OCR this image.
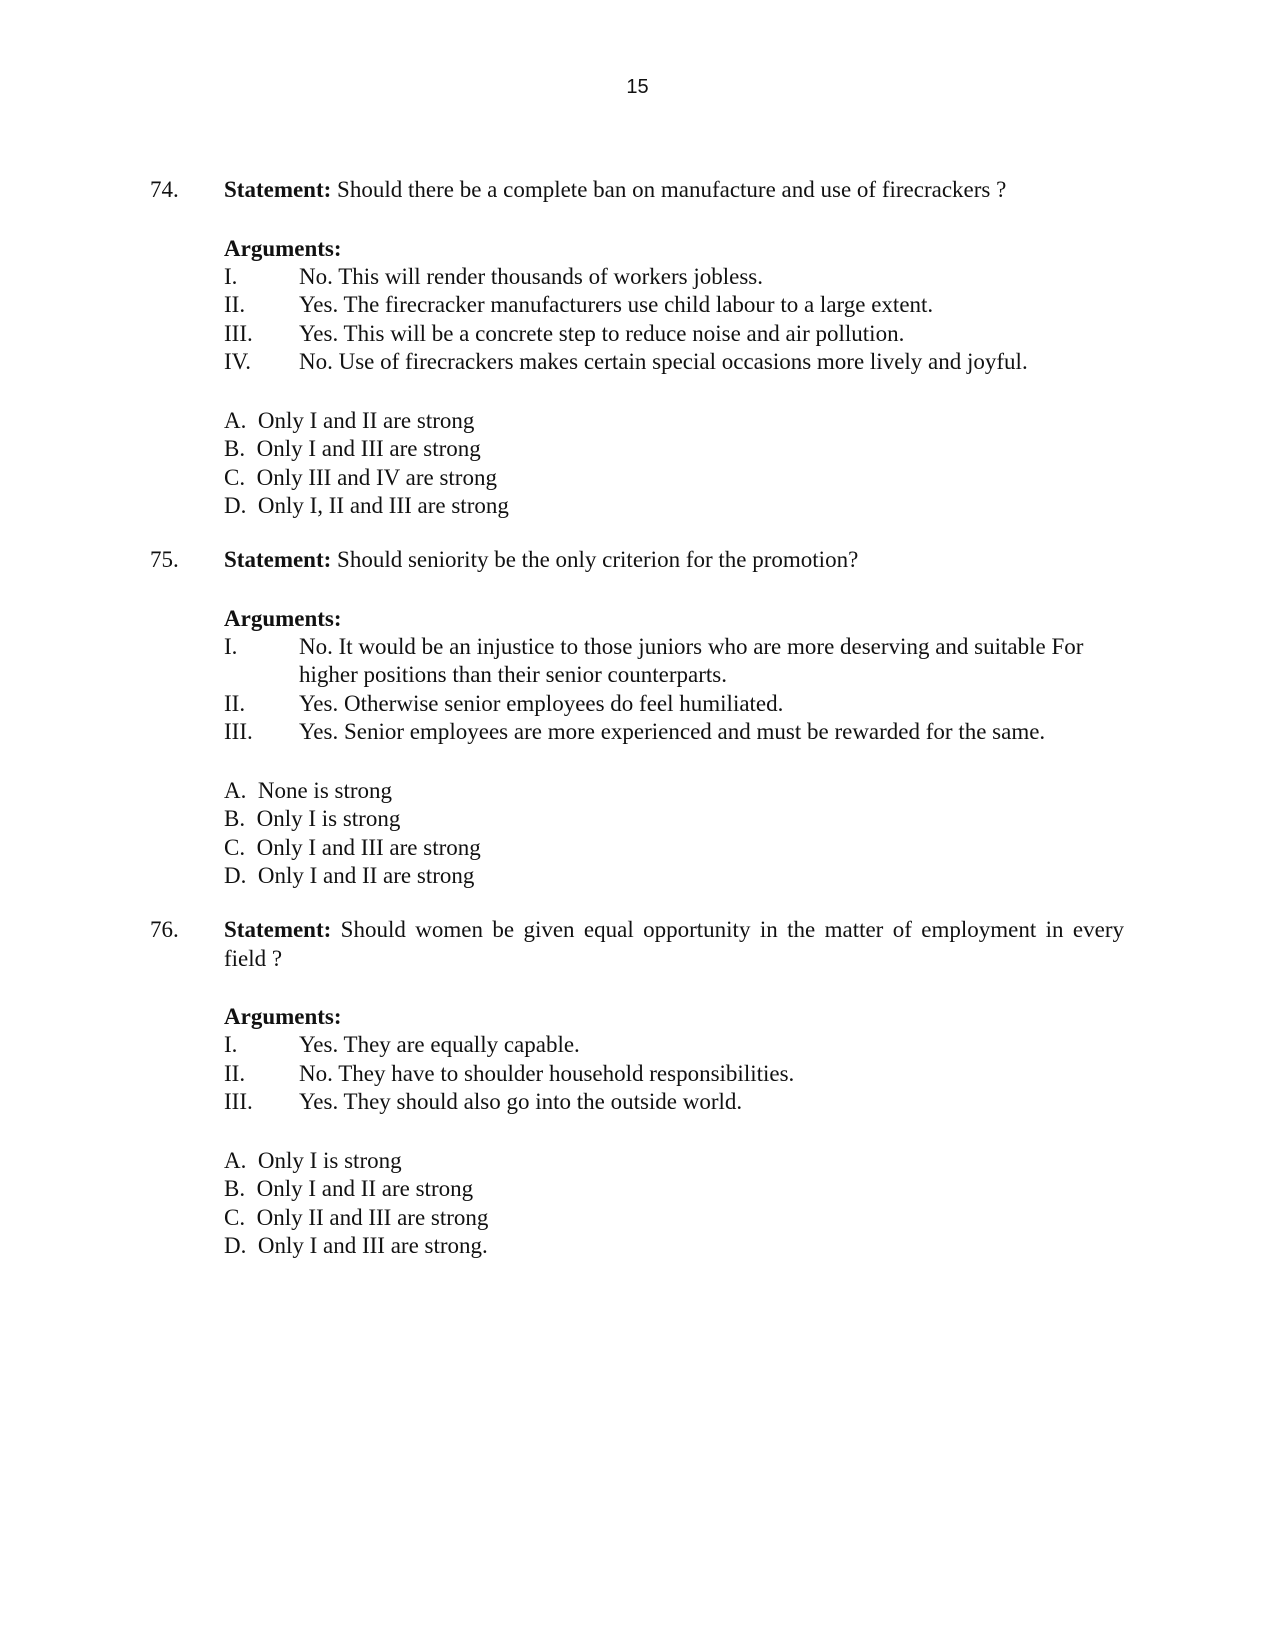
15
74. Statement: Should there be a complete ban on manufacture and use of firecrackers ?

Arguments:
I.	No. This will render thousands of workers jobless.
II.	Yes. The firecracker manufacturers use child labour to a large extent.
III.	Yes. This will be a concrete step to reduce noise and air pollution.
IV.	No. Use of firecrackers makes certain special occasions more lively and joyful.
A.  Only I and II are strong
B.  Only I and III are strong
C.  Only III and IV are strong
D.  Only I, II and III are strong
75. Statement: Should seniority be the only criterion for the promotion?

Arguments:
I.	No. It would be an injustice to those juniors who are more deserving and suitable For higher positions than their senior counterparts.
II.	Yes. Otherwise senior employees do feel humiliated.
III.	Yes. Senior employees are more experienced and must be rewarded for the same.
A.  None is strong
B.  Only I is strong
C.  Only I and III are strong
D.  Only I and II are strong
76. Statement: Should women be given equal opportunity in the matter of employment in every field ?

Arguments:
I.	Yes. They are equally capable.
II.	No. They have to shoulder household responsibilities.
III.	Yes. They should also go into the outside world.
A.  Only I is strong
B.  Only I and II are strong
C.  Only II and III are strong
D.  Only I and III are strong.
